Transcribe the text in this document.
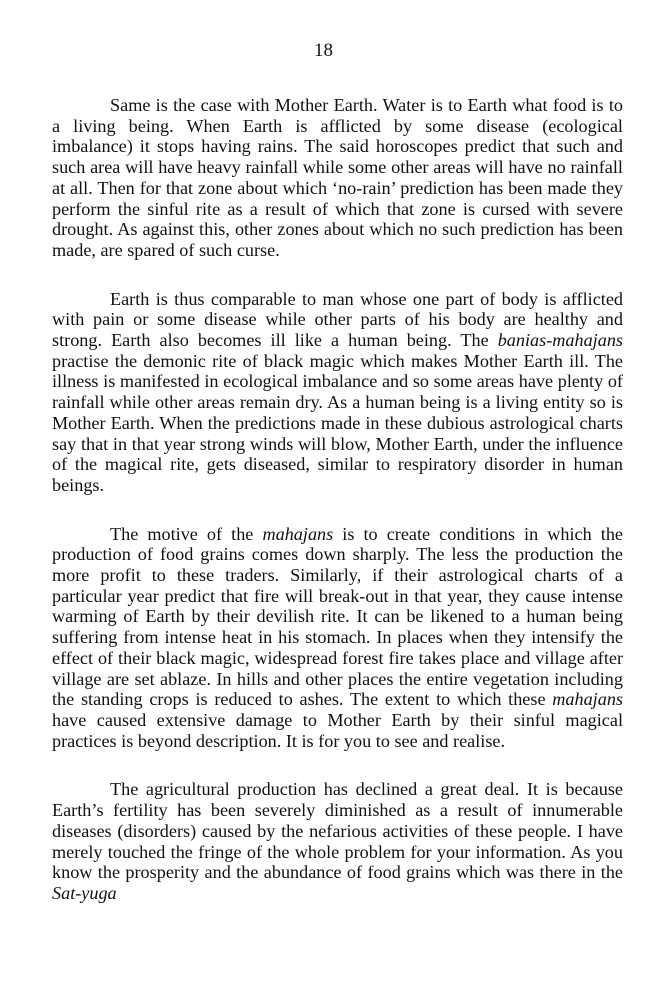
18

Same is the case with Mother Earth. Water is to Earth what food is to a living being. When Earth is afflicted by some disease (ecological imbalance) it stops having rains. The said horoscopes predict that such and such area will have heavy rainfall while some other areas will have no rainfall at all. Then for that zone about which ‘no-rain’ prediction has been made they perform the sinful rite as a result of which that zone is cursed with severe drought. As against this, other zones about which no such prediction has been made, are spared of such curse.

Earth is thus comparable to man whose one part of body is afflicted with pain or some disease while other parts of his body are healthy and strong. Earth also becomes ill like a human being. The banias-mahajans practise the demonic rite of black magic which makes Mother Earth ill. The illness is manifested in ecological imbalance and so some areas have plenty of rainfall while other areas remain dry. As a human being is a living entity so is Mother Earth. When the predictions made in these dubious astrological charts say that in that year strong winds will blow, Mother Earth, under the influence of the magical rite, gets diseased, similar to respiratory disorder in human beings.

The motive of the mahajans is to create conditions in which the production of food grains comes down sharply. The less the production the more profit to these traders. Similarly, if their astrological charts of a particular year predict that fire will break-out in that year, they cause intense warming of Earth by their devilish rite. It can be likened to a human being suffering from intense heat in his stomach. In places when they intensify the effect of their black magic, widespread forest fire takes place and village after village are set ablaze. In hills and other places the entire vegetation including the standing crops is reduced to ashes. The extent to which these mahajans have caused extensive damage to Mother Earth by their sinful magical practices is beyond description. It is for you to see and realise.

The agricultural production has declined a great deal. It is because Earth’s fertility has been severely diminished as a result of innumerable diseases (disorders) caused by the nefarious activities of these people. I have merely touched the fringe of the whole problem for your information. As you know the prosperity and the abundance of food grains which was there in the Sat-yuga
